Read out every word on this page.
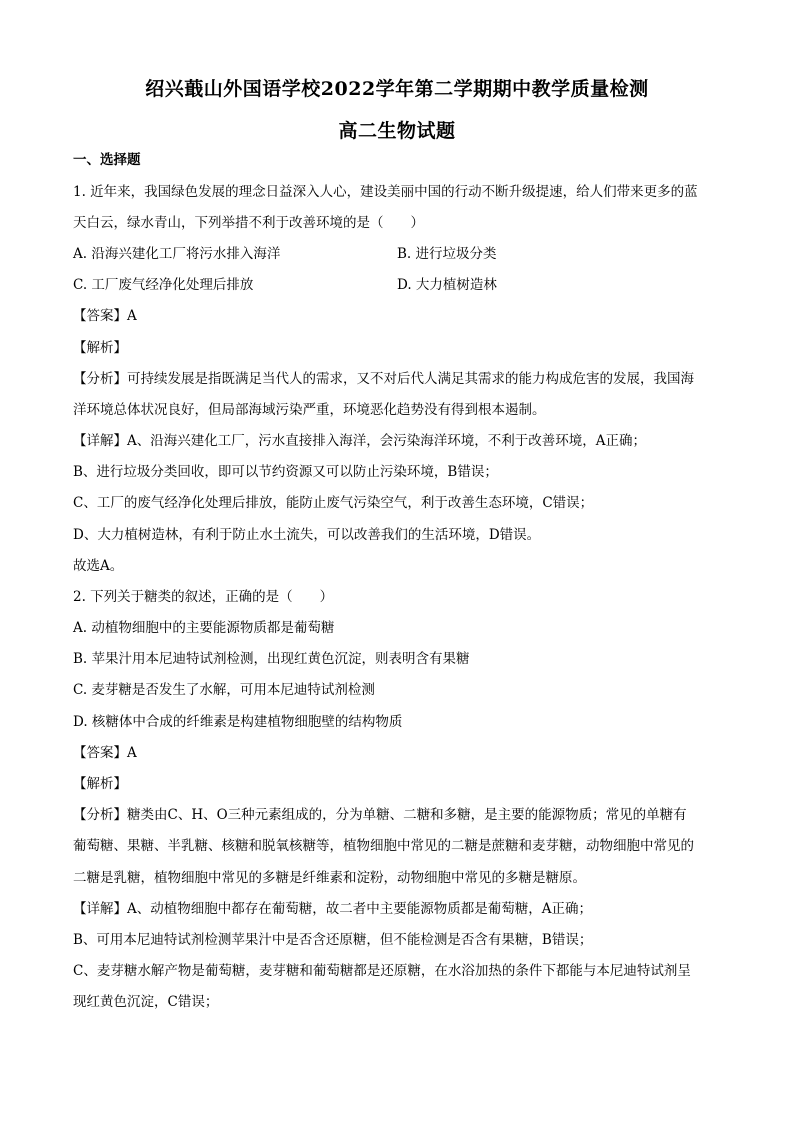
绍兴蕺山外国语学校2022学年第二学期期中教学质量检测
高二生物试题
一、选择题
1. 近年来，我国绿色发展的理念日益深入人心，建设美丽中国的行动不断升级提速，给人们带来更多的蓝
天白云，绿水青山，下列举措不利于改善环境的是（　　）
A. 沿海兴建化工厂将污水排入海洋	B. 进行垃圾分类
C. 工厂废气经净化处理后排放	D. 大力植树造林
【答案】A
【解析】
【分析】可持续发展是指既满足当代人的需求，又不对后代人满足其需求的能力构成危害的发展，我国海
洋环境总体状况良好，但局部海域污染严重，环境恶化趋势没有得到根本遏制。
【详解】A、沿海兴建化工厂，污水直接排入海洋，会污染海洋环境，不利于改善环境，A正确；
B、进行垃圾分类回收，即可以节约资源又可以防止污染环境，B错误；
C、工厂的废气经净化处理后排放，能防止废气污染空气，利于改善生态环境，C错误；
D、大力植树造林，有利于防止水土流失，可以改善我们的生活环境，D错误。
故选A。
2. 下列关于糖类的叙述，正确的是（　　）
A. 动植物细胞中的主要能源物质都是葡萄糖
B. 苹果汁用本尼迪特试剂检测，出现红黄色沉淀，则表明含有果糖
C. 麦芽糖是否发生了水解，可用本尼迪特试剂检测
D. 核糖体中合成的纤维素是构建植物细胞壁的结构物质
【答案】A
【解析】
【分析】糖类由C、H、O三种元素组成的，分为单糖、二糖和多糖，是主要的能源物质；常见的单糖有
葡萄糖、果糖、半乳糖、核糖和脱氧核糖等，植物细胞中常见的二糖是蔗糖和麦芽糖，动物细胞中常见的
二糖是乳糖，植物细胞中常见的多糖是纤维素和淀粉，动物细胞中常见的多糖是糖原。
【详解】A、动植物细胞中都存在葡萄糖，故二者中主要能源物质都是葡萄糖，A正确；
B、可用本尼迪特试剂检测苹果汁中是否含还原糖，但不能检测是否含有果糖，B错误；
C、麦芽糖水解产物是葡萄糖，麦芽糖和葡萄糖都是还原糖，在水浴加热的条件下都能与本尼迪特试剂呈
现红黄色沉淀，C错误；
